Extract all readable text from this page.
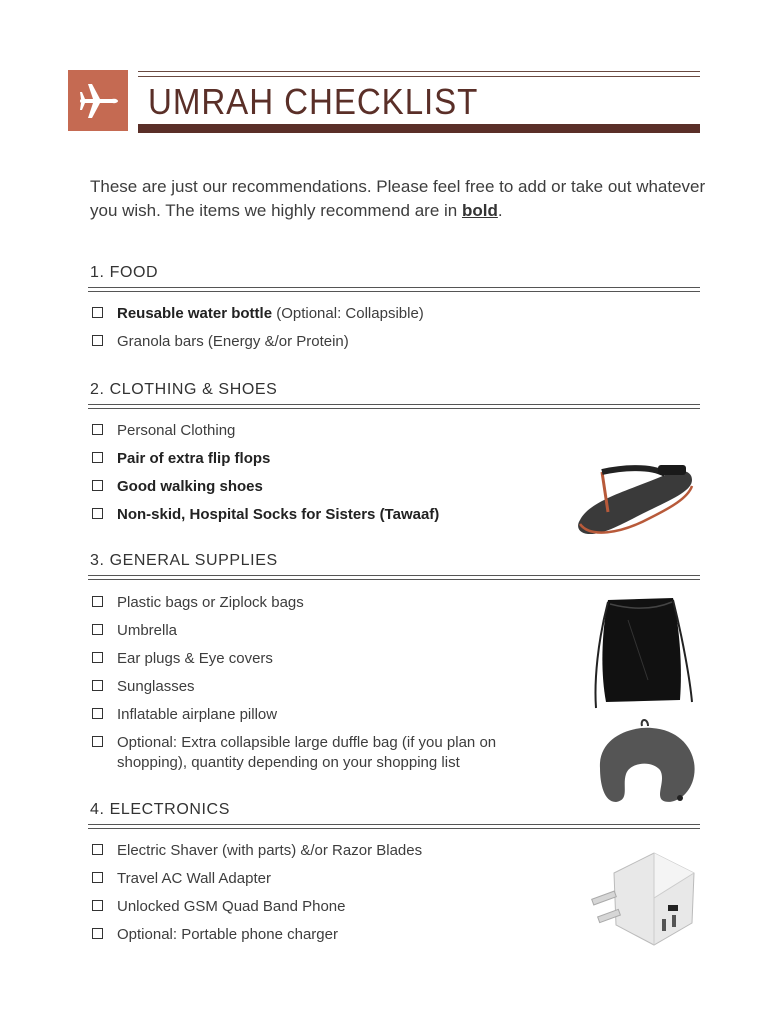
UMRAH CHECKLIST
These are just our recommendations. Please feel free to add or take out whatever you wish. The items we highly recommend are in bold.
1. FOOD
Reusable water bottle (Optional: Collapsible)
Granola bars (Energy &/or Protein)
2. CLOTHING & SHOES
Personal Clothing
Pair of extra flip flops
Good walking shoes
Non-skid, Hospital Socks for Sisters (Tawaaf)
3. GENERAL SUPPLIES
Plastic bags or Ziplock bags
Umbrella
Ear plugs & Eye covers
Sunglasses
Inflatable airplane pillow
Optional: Extra collapsible large duffle bag (if you plan on shopping), quantity depending on your shopping list
4. ELECTRONICS
Electric Shaver (with parts) &/or Razor Blades
Travel AC Wall Adapter
Unlocked GSM Quad Band Phone
Optional: Portable phone charger
